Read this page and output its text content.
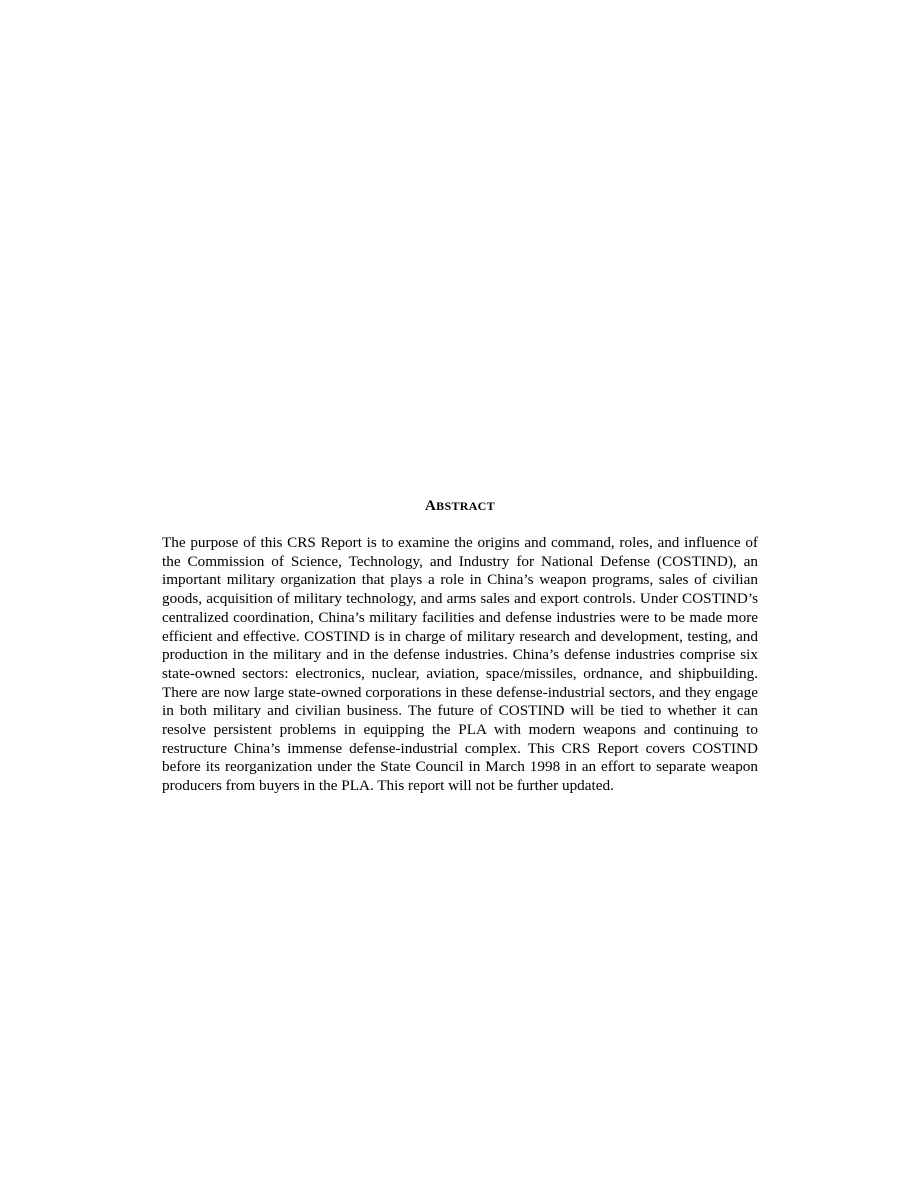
ABSTRACT

The purpose of this CRS Report is to examine the origins and command, roles, and influence of the Commission of Science, Technology, and Industry for National Defense (COSTIND), an important military organization that plays a role in China’s weapon programs, sales of civilian goods, acquisition of military technology, and arms sales and export controls. Under COSTIND’s centralized coordination, China’s military facilities and defense industries were to be made more efficient and effective. COSTIND is in charge of military research and development, testing, and production in the military and in the defense industries. China’s defense industries comprise six state-owned sectors: electronics, nuclear, aviation, space/missiles, ordnance, and shipbuilding. There are now large state-owned corporations in these defense-industrial sectors, and they engage in both military and civilian business. The future of COSTIND will be tied to whether it can resolve persistent problems in equipping the PLA with modern weapons and continuing to restructure China’s immense defense-industrial complex. This CRS Report covers COSTIND before its reorganization under the State Council in March 1998 in an effort to separate weapon producers from buyers in the PLA. This report will not be further updated.
